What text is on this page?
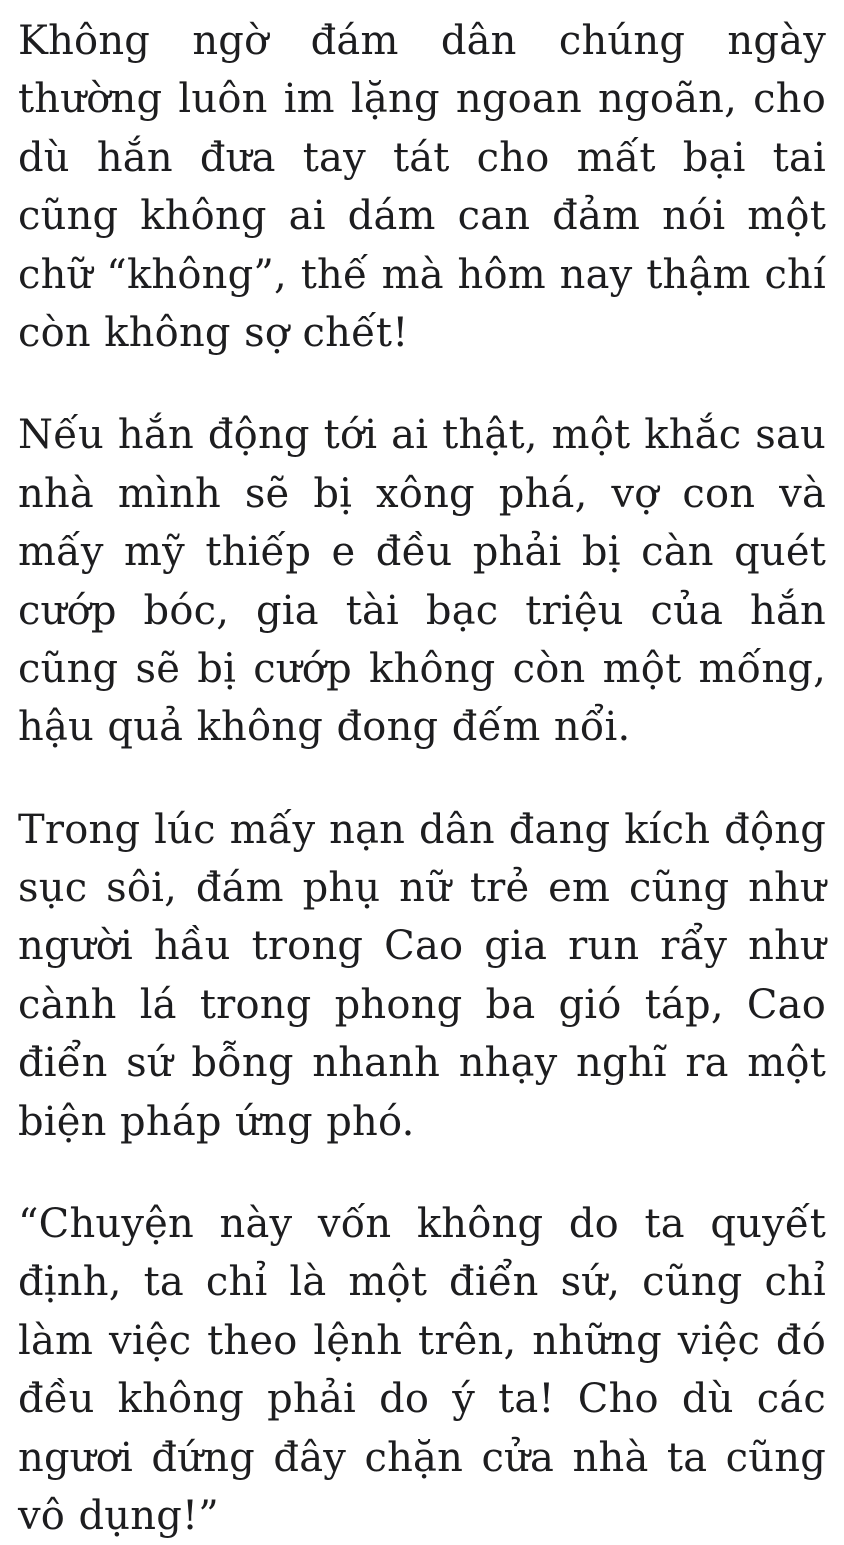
Không ngờ đám dân chúng ngày thường luôn im lặng ngoan ngoãn, cho dù hắn đưa tay tát cho mất bại tai cũng không ai dám can đảm nói một chữ “không”, thế mà hôm nay thậm chí còn không sợ chết!

Nếu hắn động tới ai thật, một khắc sau nhà mình sẽ bị xông phá, vợ con và mấy mỹ thiếp e đều phải bị càn quét cướp bóc, gia tài bạc triệu của hắn cũng sẽ bị cướp không còn một mống, hậu quả không đong đếm nổi.

Trong lúc mấy nạn dân đang kích động sục sôi, đám phụ nữ trẻ em cũng như người hầu trong Cao gia run rẩy như cành lá trong phong ba gió táp, Cao điển sứ bỗng nhanh nhạy nghĩ ra một biện pháp ứng phó.

“Chuyện này vốn không do ta quyết định, ta chỉ là một điển sứ, cũng chỉ làm việc theo lệnh trên, những việc đó đều không phải do ý ta! Cho dù các ngươi đứng đây chặn cửa nhà ta cũng vô dụng!”
